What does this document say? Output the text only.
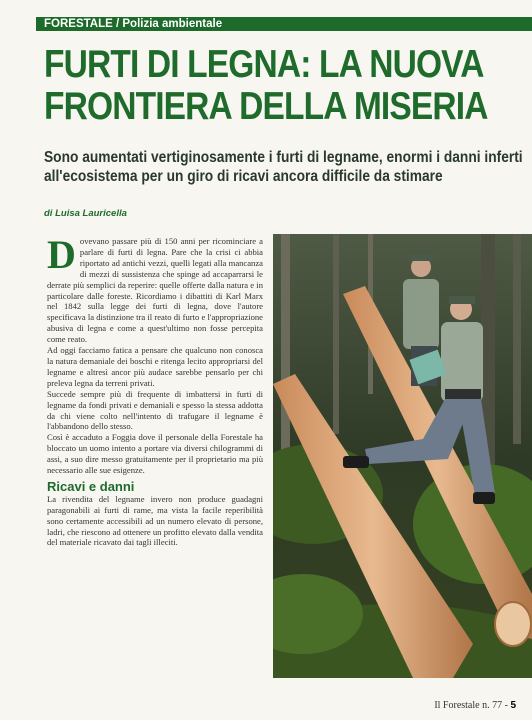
FORESTALE / Polizia ambientale
FURTI DI LEGNA: LA NUOVA
FRONTIERA DELLA MISERIA

Sono aumentati vertiginosamente i furti di legname, enormi i danni inferti all'ecosistema per un giro di ricavi ancora difficile da stimare

di Luisa Lauricella

Dovevano passare più di 150 anni per ricominciare a parlare di furti di legna. Pare che la crisi ci abbia riportato ad antichi vezzi, quelli legati alla mancanza di mezzi di sussistenza che spinge ad accaparrarsi le derrate più semplici da reperire: quelle offerte dalla natura e in particolare dalle foreste. Ricordiamo i dibattiti di Karl Marx nel 1842 sulla legge dei furti di legna, dove l'autore specificava la distinzione tra il reato di furto e l'appropriazione abusiva di legna e come a quest'ultimo non fosse percepita come reato.

Ad oggi facciamo fatica a pensare che qualcuno non conosca la natura demaniale dei boschi e ritenga lecito appropriarsi del legname e altresì ancor più audace sarebbe pensarlo per chi preleva legna da terreni privati.

Succede sempre più di frequente di imbattersi in furti di legname da fondi privati e demaniali e spesso la stessa addotta da chi viene colto nell'intento di trafugare il legname è l'abbandono dello stesso.

Così è accaduto a Foggia dove il personale della Forestale ha bloccato un uomo intento a portare via diversi chilogrammi di assi, a suo dire messo gratuitamente per il proprietario ma più necessario alle sue esigenze.

Ricavi e danni

La rivendita del legname invero non produce guadagni paragonabili ai furti di rame, ma vista la facile reperibilità sono certamente accessibili ad un numero elevato di persone, ladri, che riescono ad ottenere un profitto elevato dalla vendita del materiale ricavato dai tagli illeciti.

Il Forestale n. 77 - 5
